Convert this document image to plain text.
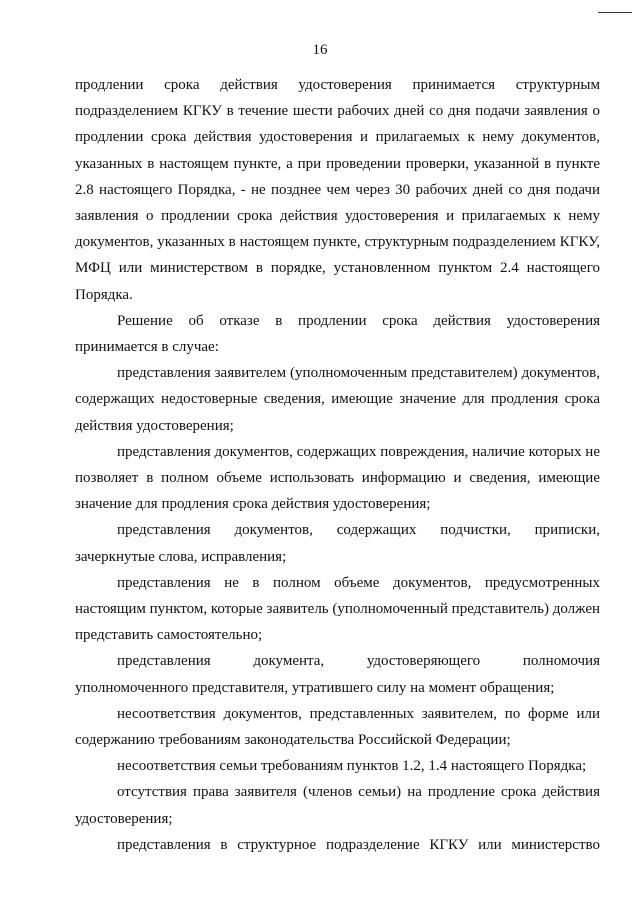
16

продлении срока действия удостоверения принимается структурным подразделением КГКУ в течение шести рабочих дней со дня подачи заявления о продлении срока действия удостоверения и прилагаемых к нему документов, указанных в настоящем пункте, а при проведении проверки, указанной в пункте 2.8 настоящего Порядка, - не позднее чем через 30 рабочих дней со дня подачи заявления о продлении срока действия удостоверения и прилагаемых к нему документов, указанных в настоящем пункте, структурным подразделением КГКУ, МФЦ или министерством в порядке, установленном пунктом 2.4 настоящего Порядка.

Решение об отказе в продлении срока действия удостоверения принимается в случае:

представления заявителем (уполномоченным представителем) документов, содержащих недостоверные сведения, имеющие значение для продления срока действия удостоверения;

представления документов, содержащих повреждения, наличие которых не позволяет в полном объеме использовать информацию и сведения, имеющие значение для продления срока действия удостоверения;

представления документов, содержащих подчистки, приписки, зачеркнутые слова, исправления;

представления не в полном объеме документов, предусмотренных настоящим пунктом, которые заявитель (уполномоченный представитель) должен представить самостоятельно;

представления документа, удостоверяющего полномочия уполномоченного представителя, утратившего силу на момент обращения;

несоответствия документов, представленных заявителем, по форме или содержанию требованиям законодательства Российской Федерации;

несоответствия семьи требованиям пунктов 1.2, 1.4 настоящего Порядка;

отсутствия права заявителя (членов семьи) на продление срока действия удостоверения;

представления в структурное подразделение КГКУ или министерство
